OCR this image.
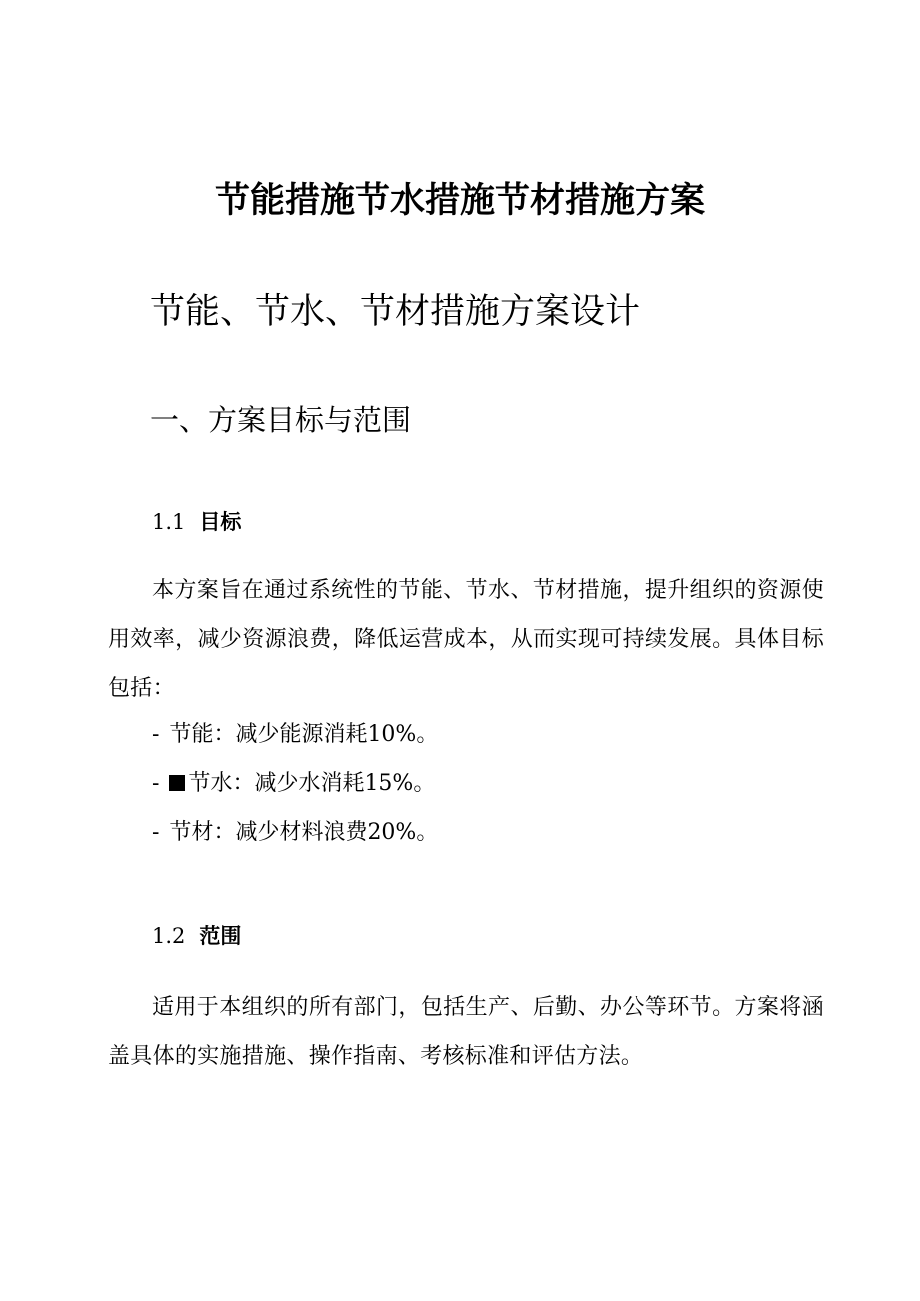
节能措施节水措施节材措施方案
节能、节水、节材措施方案设计
一、方案目标与范围
1.1 目标

本方案旨在通过系统性的节能、节水、节材措施，提升组织的资源使用效率，减少资源浪费，降低运营成本，从而实现可持续发展。具体目标包括：

- 节能：减少能源消耗10%。
- 节水：减少水消耗15%。
- 节材：减少材料浪费20%。
1.2 范围

适用于本组织的所有部门，包括生产、后勤、办公等环节。方案将涵盖具体的实施措施、操作指南、考核标准和评估方法。
